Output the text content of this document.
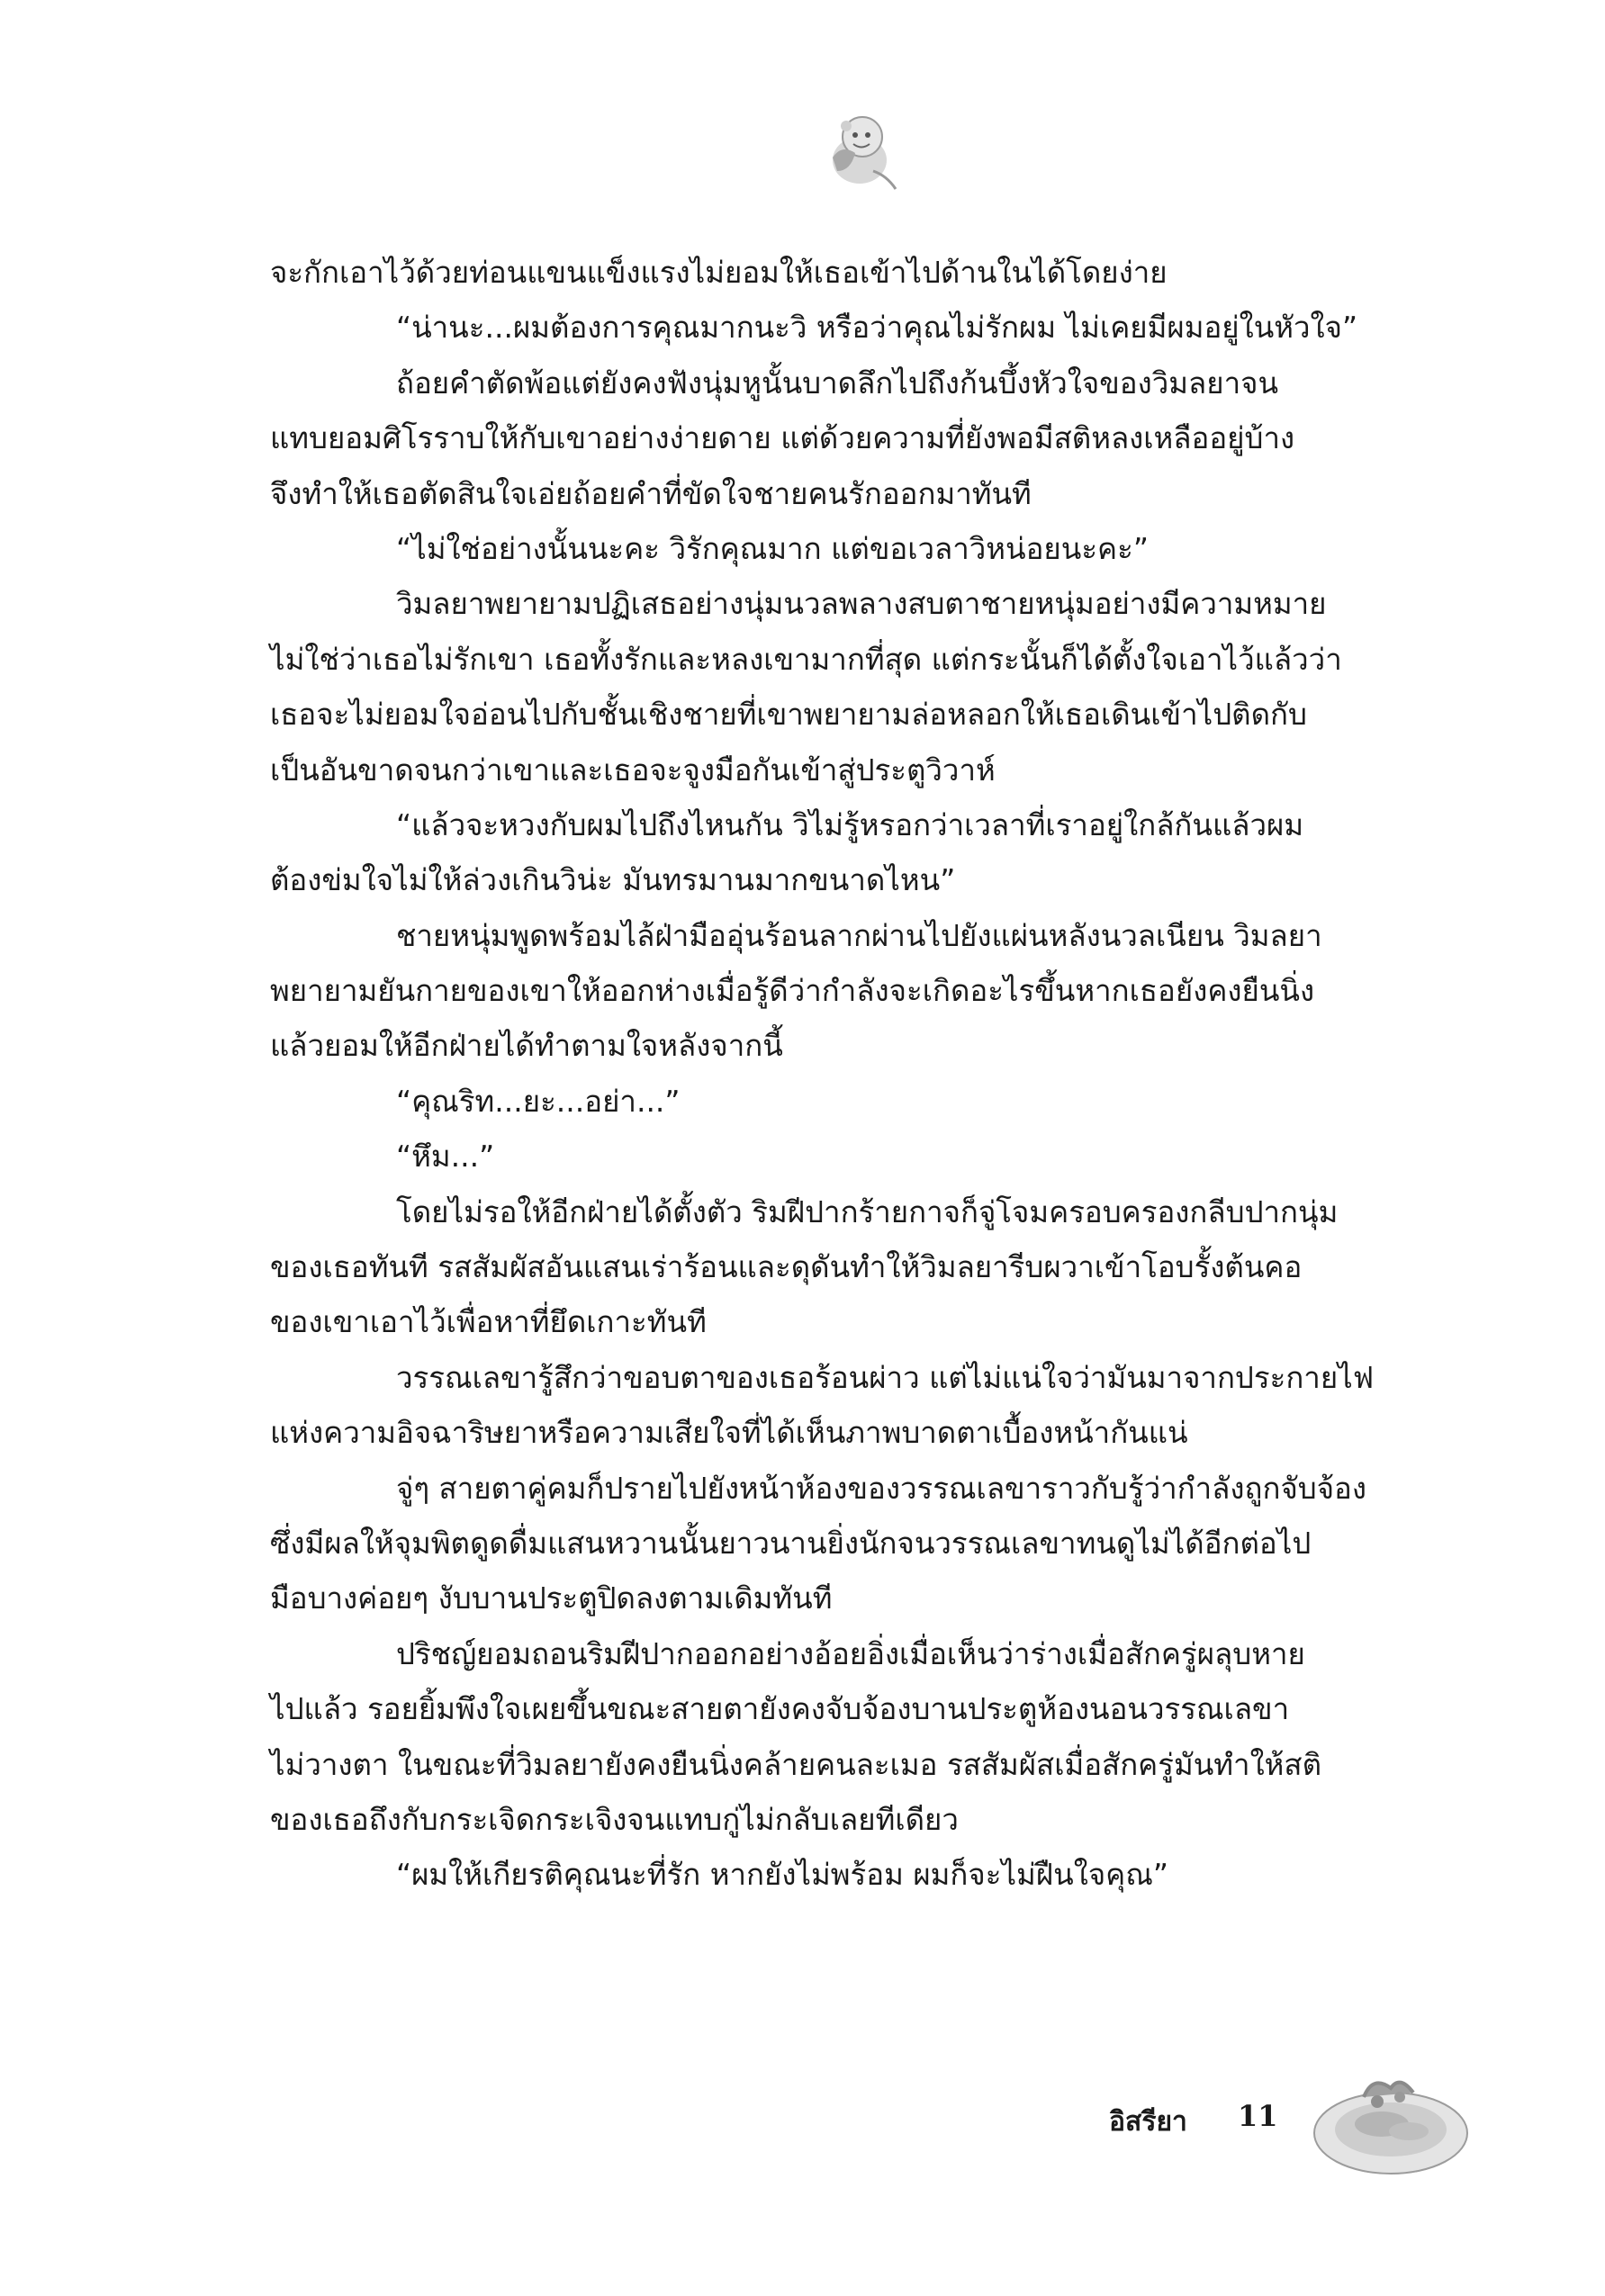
จะกักเอาไว้ด้วยท่อนแขนแข็งแรงไม่ยอมให้เธอเข้าไปด้านในได้โดยง่าย
“น่านะ...ผมต้องการคุณมากนะวิ หรือว่าคุณไม่รักผม ไม่เคยมีผมอยู่ในหัวใจ”
ถ้อยคำตัดพ้อแต่ยังคงฟังนุ่มหูนั้นบาดลึกไปถึงก้นบึ้งหัวใจของวิมลยาจน
แทบยอมศิโรราบให้กับเขาอย่างง่ายดาย แต่ด้วยความที่ยังพอมีสติหลงเหลืออยู่บ้าง
จึงทำให้เธอตัดสินใจเอ่ยถ้อยคำที่ขัดใจชายคนรักออกมาทันที
“ไม่ใช่อย่างนั้นนะคะ วิรักคุณมาก แต่ขอเวลาวิหน่อยนะคะ”
วิมลยาพยายามปฏิเสธอย่างนุ่มนวลพลางสบตาชายหนุ่มอย่างมีความหมาย
ไม่ใช่ว่าเธอไม่รักเขา เธอทั้งรักและหลงเขามากที่สุด แต่กระนั้นก็ได้ตั้งใจเอาไว้แล้วว่า
เธอจะไม่ยอมใจอ่อนไปกับชั้นเชิงชายที่เขาพยายามล่อหลอกให้เธอเดินเข้าไปติดกับ
เป็นอันขาดจนกว่าเขาและเธอจะจูงมือกันเข้าสู่ประตูวิวาห์
“แล้วจะหวงกับผมไปถึงไหนกัน วิไม่รู้หรอกว่าเวลาที่เราอยู่ใกล้กันแล้วผม
ต้องข่มใจไม่ให้ล่วงเกินวิน่ะ มันทรมานมากขนาดไหน”
ชายหนุ่มพูดพร้อมไล้ฝ่ามืออุ่นร้อนลากผ่านไปยังแผ่นหลังนวลเนียน วิมลยา
พยายามยันกายของเขาให้ออกห่างเมื่อรู้ดีว่ากำลังจะเกิดอะไรขึ้นหากเธอยังคงยืนนิ่ง
แล้วยอมให้อีกฝ่ายได้ทำตามใจหลังจากนี้
“คุณริท...ยะ...อย่า...”
“หึม...”
โดยไม่รอให้อีกฝ่ายได้ตั้งตัว ริมฝีปากร้ายกาจก็จู่โจมครอบครองกลีบปากนุ่ม
ของเธอทันที รสสัมผัสอันแสนเร่าร้อนและดุดันทำให้วิมลยารีบผวาเข้าโอบรั้งต้นคอ
ของเขาเอาไว้เพื่อหาที่ยึดเกาะทันที
วรรณเลขารู้สึกว่าขอบตาของเธอร้อนผ่าว แต่ไม่แน่ใจว่ามันมาจากประกายไฟ
แห่งความอิจฉาริษยาหรือความเสียใจที่ได้เห็นภาพบาดตาเบื้องหน้ากันแน่
จู่ๆ สายตาคู่คมก็ปรายไปยังหน้าห้องของวรรณเลขาราวกับรู้ว่ากำลังถูกจับจ้อง
ซึ่งมีผลให้จุมพิตดูดดื่มแสนหวานนั้นยาวนานยิ่งนักจนวรรณเลขาทนดูไม่ได้อีกต่อไป
มือบางค่อยๆ งับบานประตูปิดลงตามเดิมทันที
ปริชญ์ยอมถอนริมฝีปากออกอย่างอ้อยอิ่งเมื่อเห็นว่าร่างเมื่อสักครู่ผลุบหาย
ไปแล้ว รอยยิ้มพึงใจเผยขึ้นขณะสายตายังคงจับจ้องบานประตูห้องนอนวรรณเลขา
ไม่วางตา ในขณะที่วิมลยายังคงยืนนิ่งคล้ายคนละเมอ รสสัมผัสเมื่อสักครู่มันทำให้สติ
ของเธอถึงกับกระเจิดกระเจิงจนแทบกู่ไม่กลับเลยทีเดียว
“ผมให้เกียรติคุณนะที่รัก หากยังไม่พร้อม ผมก็จะไม่ฝืนใจคุณ”
อิสรียา 11
